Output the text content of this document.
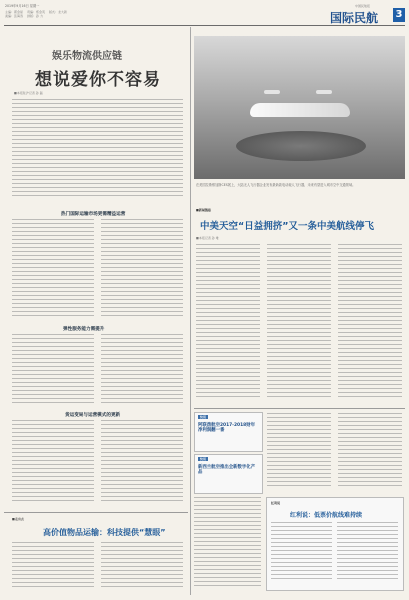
2019年9月16日 星期一
主编：郭金星 责编：郑金英 版式：龙大新
美编：张海涛 排版：孙 力	国际民航 3
中国民航报
娱乐物流供应链
想说爱你不容易
■本报驻沪记者 孙 磊
热门国际运输市场更需精益运营
弹性服务能力需提升
货运变局与运营模式的更新
■走出去
高价值物品运输：科技提供“慧眼”
在美国拉斯维加斯CES展上，大陆无人飞行器企业发布最新款电动载人飞行器，未来有望进入城市空中交通领域。
■新闻链接
中美天空“日益拥挤”又一条中美航线停飞
■本报记者 孙 唯
快讯
阿联酋航空2017-2018财年净利润翻一番
快讯
新西兰航空推出全新数字化产品
红利说
红利说：低票价航线难持续
